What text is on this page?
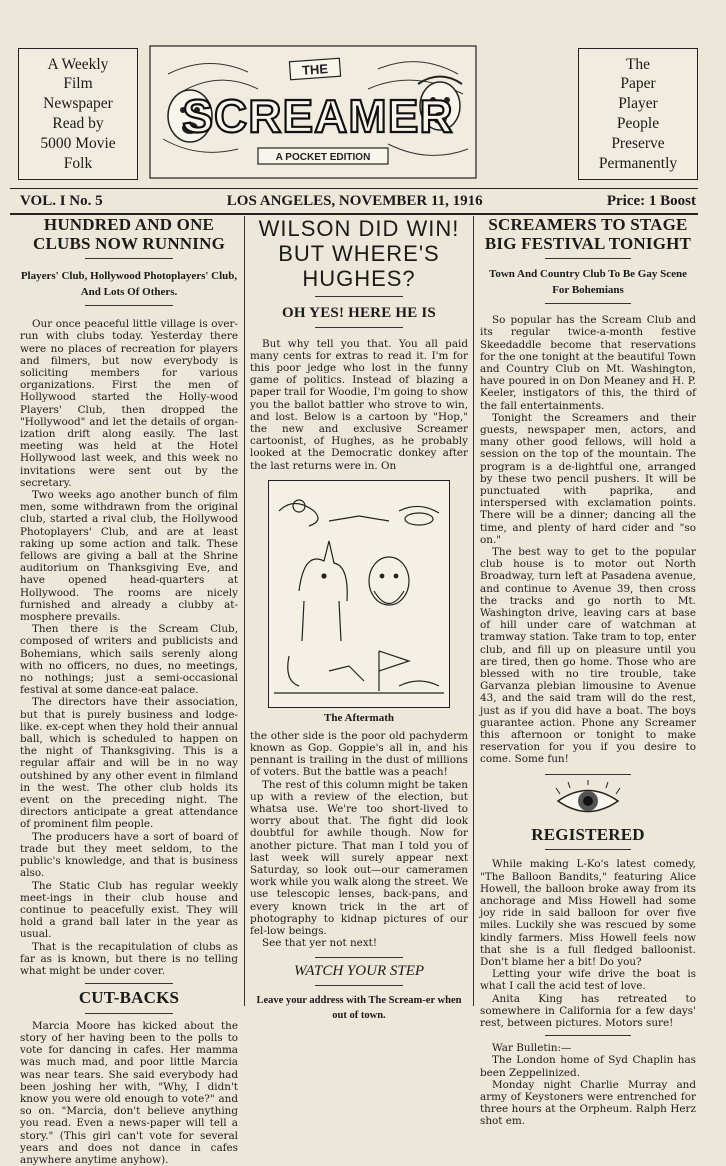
A Weekly
Film
Newspaper
Read by
5000 Movie
Folk
THE
SCREAMER
A POCKET EDITION
The
Paper
Player
People
Preserve
Permanently
VOL. I No. 5	LOS ANGELES, NOVEMBER 11, 1916	Price: 1 Boost
HUNDRED AND ONE CLUBS NOW RUNNING
Players' Club, Hollywood Photoplayers' Club, And Lots Of Others.

Our once peaceful little village is over-run with clubs today. Yesterday there were no places of recreation for players and filmers, but now everybody is soliciting members for various organizations. First the men of Hollywood started the Holly-wood Players' Club, then dropped the "Hollywood" and let the details of organ-ization drift along easily. The last meeting was held at the Hotel Hollywood last week, and this week no invitations were sent out by the secretary.

Two weeks ago another bunch of film men, some withdrawn from the original club, started a rival club, the Hollywood Photoplayers' Club, and are at least raking up some action and talk. These fellows are giving a ball at the Shrine auditorium on Thanksgiving Eve, and have opened head-quarters at Hollywood. The rooms are nicely furnished and already a clubby at-mosphere prevails.

Then there is the Scream Club, composed of writers and publicists and Bohemians, which sails serenly along with no officers, no dues, no meetings, no nothings; just a semi-occasional festival at some dance-eat palace.

The directors have their association, but that is purely business and lodge-like. ex-cept when they hold their annual ball, which is scheduled to happen on the night of Thanksgiving. This is a regular affair and will be in no way outshined by any other event in filmland in the west. The other club holds its event on the preceding night. The directors anticipate a great attendance of prominent film people.

The producers have a sort of board of trade but they meet seldom, to the public's knowledge, and that is business also.

The Static Club has regular weekly meet-ings in their club house and continue to peacefully exist. They will hold a grand ball later in the year as usual.

That is the recapitulation of clubs as far as is known, but there is no telling what might be under cover.

CUT-BACKS

Marcia Moore has kicked about the story of her having been to the polls to vote for dancing in cafes. Her mamma was much mad, and poor little Marcia was near tears. She said everybody had been joshing her with, "Why, I didn't know you were old enough to vote?" and so on. "Marcia, don't believe anything you read. Even a news-paper will tell a story." (This girl can't vote for several years and does not dance in cafes anywhere anytime anyhow).

WILSON DID WIN! BUT WHERE'S HUGHES?
OH YES! HERE HE IS

But why tell you that. You all paid many cents for extras to read it. I'm for this poor jedge who lost in the funny game of politics. Instead of blazing a paper trail for Woodie, I'm going to show you the ballot battler who strove to win, and lost. Below is a cartoon by "Hop," the new and exclusive Screamer cartoonist, of Hughes, as he probably looked at the Democratic donkey after the last returns were in. On

The Aftermath

the other side is the poor old pachyderm known as Gop. Goppie's all in, and his pennant is trailing in the dust of millions of voters. But the battle was a peach!

The rest of this column might be taken up with a review of the election, but whatsa use. We're too short-lived to worry about that. The fight did look doubtful for awhile though. Now for another picture. That man I told you of last week will surely appear next Saturday, so look out—our cameramen work while you walk along the street. We use telescopic lenses, back-pans, and every known trick in the art of photography to kidnap pictures of our fel-low beings.

See that yer not next!

WATCH YOUR STEP
Leave your address with The Scream-er when out of town.
SCREAMERS TO STAGE BIG FESTIVAL TONIGHT
Town And Country Club To Be Gay Scene For Bohemians

So popular has the Scream Club and its regular twice-a-month festive Skeedaddle become that reservations for the one tonight at the beautiful Town and Country Club on Mt. Washington, have poured in on Don Meaney and H. P. Keeler, instigators of this, the third of the fall entertainments.

Tonight the Screamers and their guests, newspaper men, actors, and many other good fellows, will hold a session on the top of the mountain. The program is a de-lightful one, arranged by these two pencil pushers. It will be punctuated with paprika, and interspersed with exclamation points. There will be a dinner; dancing all the time, and plenty of hard cider and "so on."

The best way to get to the popular club house is to motor out North Broadway, turn left at Pasadena avenue, and continue to Avenue 39, then cross the tracks and go north to Mt. Washington drive, leaving cars at base of hill under care of watchman at tramway station. Take tram to top, enter club, and fill up on pleasure until you are tired, then go home. Those who are blessed with no tire trouble, take Garvanza plebian limousine to Avenue 43, and the said tram will do the rest, just as if you did have a boat. The boys guarantee action. Phone any Screamer this afternoon or tonight to make reservation for you if you desire to come. Some fun!

REGISTERED

While making L-Ko's latest comedy, "The Balloon Bandits," featuring Alice Howell, the balloon broke away from its anchorage and Miss Howell had some joy ride in said balloon for over five miles. Luckily she was rescued by some kindly farmers. Miss Howell feels now that she is a full fledged balloonist. Don't blame her a bit! Do you?

Letting your wife drive the boat is what I call the acid test of love.

Anita King has retreated to somewhere in California for a few days' rest, between pictures. Motors sure!

War Bulletin:—

The London home of Syd Chaplin has been Zeppelinized.

Monday night Charlie Murray and army of Keystoners were entrenched for three hours at the Orpheum. Ralph Herz shot em.
